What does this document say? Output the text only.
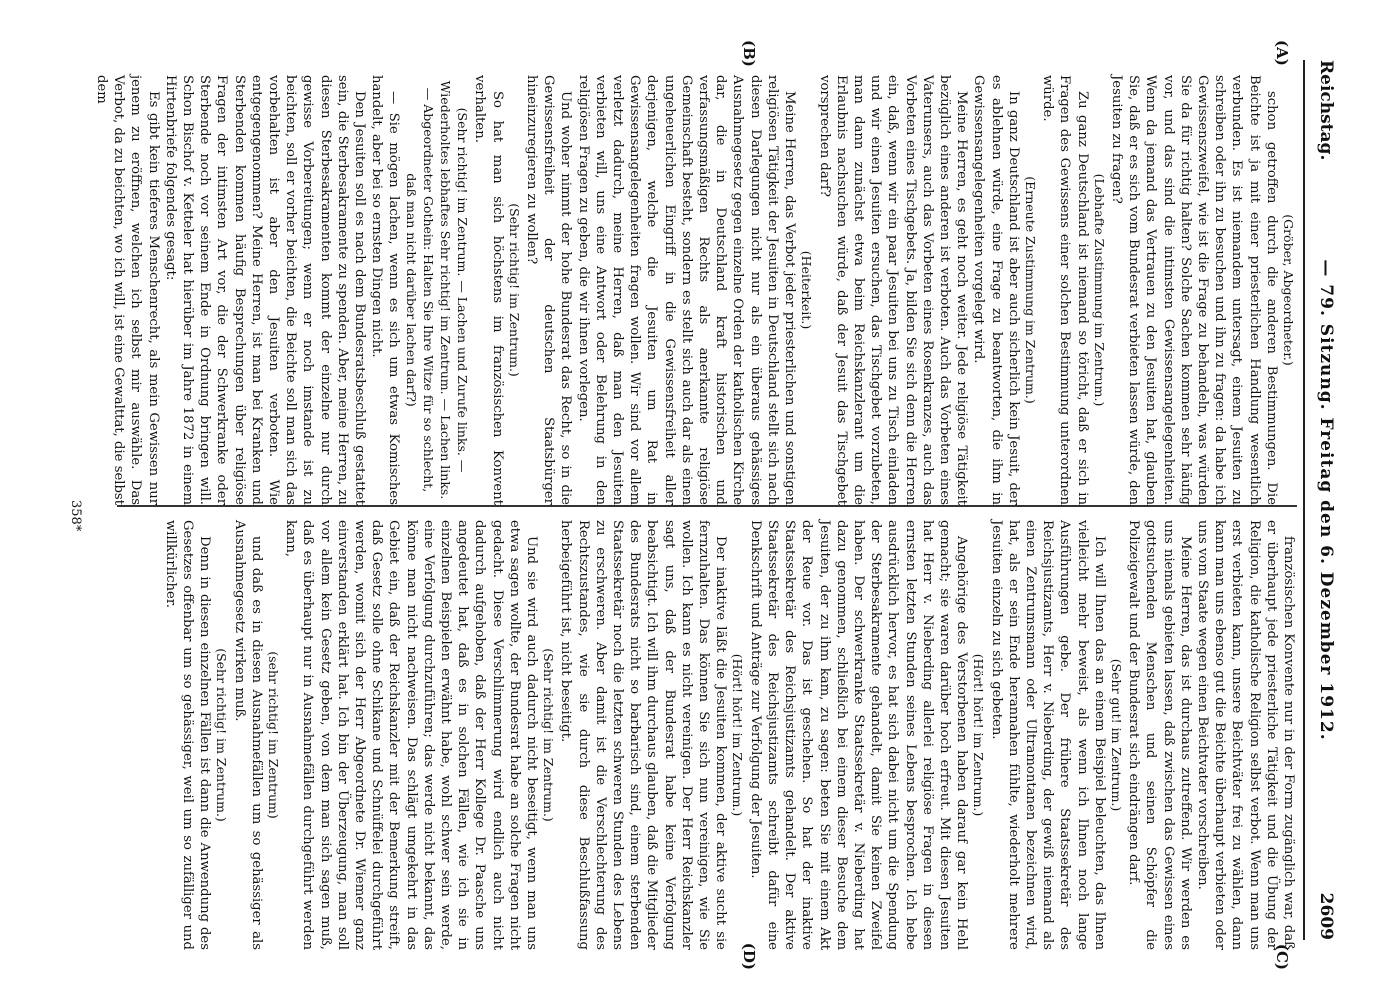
Reichstag.
— 79. Sitzung. Freitag den 6. Dezember 1912.
2609
(A)
(B)
(C)
(D)

(Gröber, Abgeordneter.)

schon getroffen durch die anderen Bestimmungen. Die Beichte ist ja mit einer priesterlichen Handlung wesentlich verbunden. Es ist niemandem untersagt, einem Jesuiten zu schreiben oder ihn zu besuchen und ihn zu fragen: da habe ich Gewissenszweifel, wie ist die Frage zu behandeln, was würden Sie da für richtig halten? Solche Sachen kommen sehr häufig vor, und das sind die intimsten Gewissensangelegenheiten. Wenn da jemand das Vertrauen zu den Jesuiten hat, glauben Sie, daß er es sich vom Bundesrat verbieten lassen würde, den Jesuiten zu fragen?

(Lebhafte Zustimmung im Zentrum.)

Zu ganz Deutschland ist niemand so töricht, daß er sich in Fragen des Gewissens einer solchen Bestimmung unterordnen würde.

(Erneute Zustimmung im Zentrum.)

In ganz Deutschland ist aber auch sicherlich kein Jesuit, der es ablehnen würde, eine Frage zu beantworten, die ihm in Gewissensangelegenheiten vorgelegt wird.

Meine Herren, es geht noch weiter. Jede religiöse Tätigkeit bezüglich eines anderen ist verboten. Auch das Vorbeten eines Vaterunsers, auch das Vorbeten eines Rosenkranzes, auch das Vorbeten eines Tischgebets. Ja, bilden Sie sich denn die Herren ein, daß, wenn wir ein paar Jesuiten bei uns zu Tisch einladen und wir einen Jesuiten ersuchen, das Tischgebet vorzubeten, man dann zunächst etwa beim Reichskanzlerant um die Erlaubnis nachsuchen würde, daß der Jesuit das Tischgebet vorsprechen darf?

(Heiterkeit.)

Meine Herren, das Verbot jeder priesterlichen und sonstigen religiösen Tätigkeit der Jesuiten in Deutschland stellt sich nach diesen Darlegungen nicht nur als ein überaus gehässiges Ausnahmegesetz gegen einzelne Orden der katholischen Kirche dar, die in Deutschland kraft historischen und verfassungsmäßigen Rechts als anerkannte religiöse Gemeinschaft besteht, sondern es stellt sich auch dar als einen ungeheuerlichen Eingriff in die Gewissensfreiheit aller derjenigen, welche die Jesuiten um Rat in Gewissensangelegenheiten fragen wollen. Wir sind vor allem verletzt dadurch, meine Herren, daß man den Jesuiten verbieten will, uns eine Antwort oder Belehrung in den religiösen Fragen zu geben, die wir ihnen vorlegen.

Und woher nimmt der hohe Bundesrat das Recht, so in die Gewissensfreiheit der deutschen Staatsbürger hineinzuregieren zu wollen?

(Sehr richtig! im Zentrum.)

So hat man sich höchstens im französischen Konvent verhalten.

(Sehr richtig! im Zentrum. — Lachen und Zurufe links. — Wiederholtes lebhaftes Sehr richtig! im Zentrum. — Lachen links. — Abgeordneter Gothein: Halten Sie Ihre Witze für so schlecht, daß man nicht darüber lachen darf?)

— Sie mögen lachen, wenn es sich um etwas Komisches handelt, aber bei so ernsten Dingen nicht.

Den Jesuiten soll es nach dem Bundesratsbeschluß gestattet sein, die Sterbesakramente zu spenden. Aber, meine Herren, zu diesen Sterbesakramenten kommt der einzelne nur durch gewisse Vorbereitungen; wenn er noch imstande ist zu beichten, soll er vorher beichten, die Beichte soll man sich das vorbehalten ist aber den Jesuiten verboten. Wie entgegengenommen? Meine Herren, ist man bei Kranken und Sterbenden kommen häufig Besprechungen über religiöse Fragen der intimsten Art vor, die der Schwerkranke oder Sterbende noch vor seinem Ende in Ordnung bringen will. Schon Bischof v. Ketteler hat hierüber im Jahre 1872 in einem Hirtenbriefe folgendes gesagt:

Es gibt kein tieferes Menschenrecht, als mein Gewissen nur jenem zu eröffnen, welchen ich selbst mir auswähle. Das Verbot, da zu beichten, wo ich will, ist eine Gewalttat, die selbst dem

französischen Konvente nur in der Form zugänglich war, daß er überhaupt jede priesterliche Tätigkeit und die Übung der Religion, die katholische Religion selbst verbot. Wenn man uns erst verbieten kann, unsere Beichtväter frei zu wählen, dann kann man uns ebenso gut die Beichte überhaupt verbieten oder uns vom Staate wegen einen Beichtvater vorschreiben.

Meine Herren, das ist durchaus zutreffend. Wir werden es uns niemals gebieten lassen, daß zwischen das Gewissen eines gottsuchenden Menschen und seinen Schöpfer die Polizeigewalt und der Bundesrat sich eindrängen darf.

(Sehr gut! im Zentrum.)

Ich will Ihnen das an einem Beispiel beleuchten, das Ihnen vielleicht mehr beweist, als wenn ich Ihnen noch lange Ausführungen gebe. Der frühere Staatssekretär des Reichsjustizamts, Herr v. Nieberding, der gewiß niemand als einen Zentrumsmann oder Ultramontanen bezeichnen wird, hat, als er sein Ende herannahen fühlte, wiederholt mehrere Jesuiten einzeln zu sich gebeten.

(Hört! hört! im Zentrum.)

Angehörige des Verstorbenen haben darauf gar kein Hehl gemacht; sie waren darüber hoch erfreut. Mit diesen Jesuiten hat Herr v. Nieberding allerlei religiöse Fragen in diesen ernsten letzten Stunden seines Lebens besprochen. Ich hebe ausdrücklich hervor, es hat sich dabei nicht um die Spendung der Sterbesakramente gehandelt, damit Sie keinen Zweifel haben. Der schwerkranke Staatssekretär v. Nieberding hat dazu genommen, schließlich bei einem dieser Besuche dem Jesuiten, der zu ihm kam, zu sagen: beten Sie mit einem Akt der Reue vor. Das ist geschehen. So hat der inaktive Staatssekretär des Reichsjustizamts gehandelt. Der aktive Staatssekretär des Reichsjustizamts schreibt dafür eine Denkschrift und Anträge zur Verfolgung der Jesuiten.

(Hört! hört! im Zentrum.)

Der inaktive läßt die Jesuiten kommen, der aktive sucht sie fernzuhalten. Das können Sie sich nun vereinigen, wie Sie wollen. Ich kann es nicht vereinigen. Der Herr Reichskanzler sagt uns, daß der Bundesrat habe keine Verfolgung beabsichtigt. Ich will ihm durchaus glauben, daß die Mitglieder des Bundesrats nicht so barbarisch sind, einem sterbenden Staatssekretär noch die letzten schweren Stunden des Lebens zu erschweren. Aber damit ist die Verschlechterung des Rechtszustandes, wie sie durch diese Beschlußfassung herbeigeführt ist, nicht beseitigt.

(Sehr richtig! im Zentrum.)

Und sie wird auch dadurch nicht beseitigt, wenn man uns etwa sagen wollte, der Bundesrat habe an solche Fragen nicht gedacht. Diese Verschlimmerung wird endlich auch nicht dadurch aufgehoben, daß der Herr Kollege Dr. Paasche uns angedeutet hat, daß es in solchen Fällen, wie ich sie in einzelnen Beispielen erwähnt habe, wohl schwer sein werde, eine Verfolgung durchzuführen; das werde nicht bekannt, das könne man nicht nachweisen. Das schlägt umgekehrt in das Gebiet ein, daß der Reichskanzler mit der Bemerkung streift, daß Gesetz solle ohne Schikane und Schnüffelei durchgeführt werden, womit sich der Herr Abgeordnete Dr. Wiemer ganz einverstanden erklärt hat. Ich bin der Überzeugung, man soll vor allem kein Gesetz geben, von dem man sich sagen muß, daß es überhaupt nur in Ausnahmefällen durchgeführt werden kann,

(sehr richtig! im Zentrum)

und daß es in diesen Ausnahmefällen um so gehässiger als Ausnahmegesetz wirken muß.

(Sehr richtig! im Zentrum.)

Denn in diesen einzelnen Fällen ist dann die Anwendung des Gesetzes offenbar um so gehässiger, weil um so zufälliger und willkürlicher.

358*
